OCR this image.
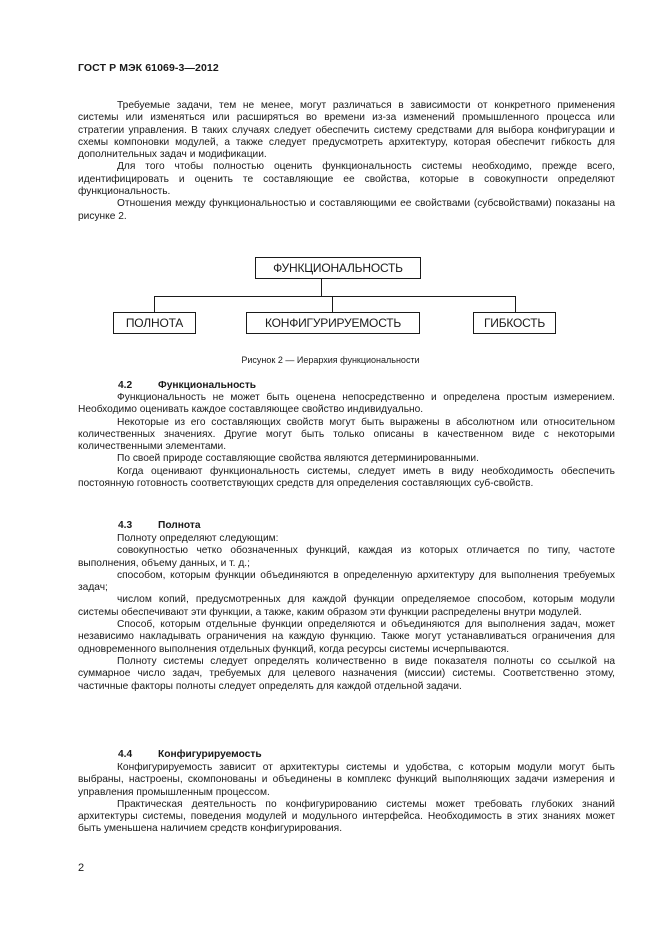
ГОСТ Р МЭК 61069-3—2012

Требуемые задачи, тем не менее, могут различаться в зависимости от конкретного применения системы или изменяться или расширяться во времени из-за изменений промышленного процесса или стратегии управления. В таких случаях следует обеспечить систему средствами для выбора конфигурации и схемы компоновки модулей, а также следует предусмотреть архитектуру, которая обеспечит гибкость для дополнительных задач и модификации.

Для того чтобы полностью оценить функциональность системы необходимо, прежде всего, идентифицировать и оценить те составляющие ее свойства, которые в совокупности определяют функциональность.

Отношения между функциональностью и составляющими ее свойствами (субсвойствами) показаны на рисунке 2.

ФУНКЦИОНАЛЬНОСТЬ
ПОЛНОТА	КОНФИГУРИРУЕМОСТЬ	ГИБКОСТЬ
Рисунок 2 — Иерархия функциональности
4.2	Функциональность

Функциональность не может быть оценена непосредственно и определена простым измерением. Необходимо оценивать каждое составляющее свойство индивидуально.

Некоторые из его составляющих свойств могут быть выражены в абсолютном или относительном количественных значениях. Другие могут быть только описаны в качественном виде с некоторыми количественными элементами.

По своей природе составляющие свойства являются детерминированными.

Когда оценивают функциональность системы, следует иметь в виду необходимость обеспечить постоянную готовность соответствующих средств для определения составляющих суб-свойств.

4.3	Полнота

Полноту определяют следующим:

совокупностью четко обозначенных функций, каждая из которых отличается по типу, частоте выполнения, объему данных, и т. д.;

способом, которым функции объединяются в определенную архитектуру для выполнения требуемых задач;

числом копий, предусмотренных для каждой функции определяемое способом, которым модули системы обеспечивают эти функции, а также, каким образом эти функции распределены внутри модулей.

Способ, которым отдельные функции определяются и объединяются для выполнения задач, может независимо накладывать ограничения на каждую функцию. Также могут устанавливаться ограничения для одновременного выполнения отдельных функций, когда ресурсы системы исчерпываются.

Полноту системы следует определять количественно в виде показателя полноты со ссылкой на суммарное число задач, требуемых для целевого назначения (миссии) системы. Соответственно этому, частичные факторы полноты следует определять для каждой отдельной задачи.

4.4	Конфигурируемость

Конфигурируемость зависит от архитектуры системы и удобства, с которым модули могут быть выбраны, настроены, скомпонованы и объединены в комплекс функций выполняющих задачи измерения и управления промышленным процессом.

Практическая деятельность по конфигурированию системы может требовать глубоких знаний архитектуры системы, поведения модулей и модульного интерфейса. Необходимость в этих знаниях может быть уменьшена наличием средств конфигурирования.

2
